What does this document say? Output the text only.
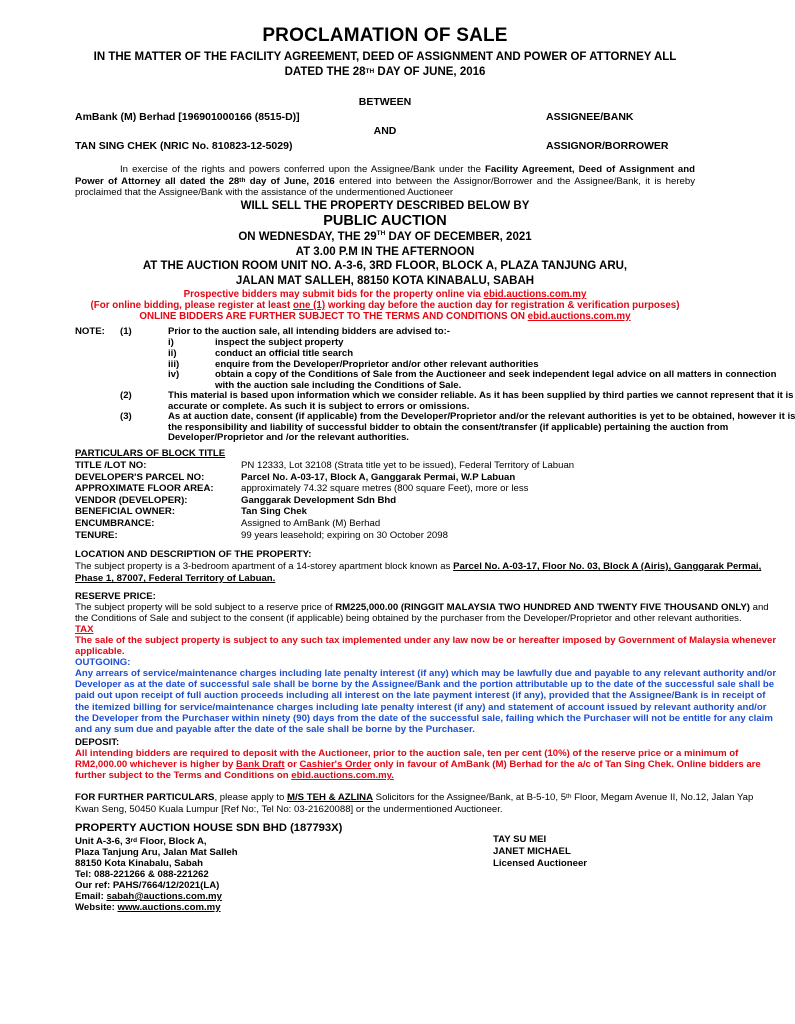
PROCLAMATION OF SALE
IN THE MATTER OF THE FACILITY AGREEMENT, DEED OF ASSIGNMENT AND POWER OF ATTORNEY ALL
DATED THE 28TH DAY OF JUNE, 2016
BETWEEN
AmBank (M) Berhad [196901000166 (8515-D)]	ASSIGNEE/BANK
AND
TAN SING CHEK (NRIC No. 810823-12-5029)	ASSIGNOR/BORROWER
In exercise of the rights and powers conferred upon the Assignee/Bank under the Facility Agreement, Deed of Assignment and Power of Attorney all dated the 28th day of June, 2016 entered into between the Assignor/Borrower and the Assignee/Bank, it is hereby proclaimed that the Assignee/Bank with the assistance of the undermentioned Auctioneer
WILL SELL THE PROPERTY DESCRIBED BELOW BY
PUBLIC AUCTION
ON WEDNESDAY, THE 29TH DAY OF DECEMBER, 2021
AT 3.00 P.M IN THE AFTERNOON
AT THE AUCTION ROOM UNIT NO. A-3-6, 3RD FLOOR, BLOCK A, PLAZA TANJUNG ARU,
JALAN MAT SALLEH, 88150 KOTA KINABALU, SABAH
Prospective bidders may submit bids for the property online via ebid.auctions.com.my
(For online bidding, please register at least one (1) working day before the auction day for registration & verification purposes)
ONLINE BIDDERS ARE FURTHER SUBJECT TO THE TERMS AND CONDITIONS ON ebid.auctions.com.my
NOTE: (1)	Prior to the auction sale, all intending bidders are advised to:-
i)	inspect the subject property
ii)	conduct an official title search
iii)	enquire from the Developer/Proprietor and/or other relevant authorities
iv)	obtain a copy of the Conditions of Sale from the Auctioneer and seek independent legal advice on all matters in connection
with the auction sale including the Conditions of Sale.
(2)	This material is based upon information which we consider reliable. As it has been supplied by third parties we cannot represent that it is
accurate or complete. As such it is subject to errors or omissions.
(3)	As at auction date, consent (if applicable) from the Developer/Proprietor and/or the relevant authorities is yet to be obtained, however it is
the responsibility and liability of successful bidder to obtain the consent/transfer (if applicable) pertaining the auction from
Developer/Proprietor and /or the relevant authorities.
PARTICULARS OF BLOCK TITLE
TITLE /LOT NO:	PN 12333, Lot 32108 (Strata title yet to be issued), Federal Territory of Labuan
DEVELOPER'S PARCEL NO:	Parcel No. A-03-17, Block A, Ganggarak Permai, W.P Labuan
APPROXIMATE FLOOR AREA:	approximately 74.32 square metres (800 square Feet), more or less
VENDOR (DEVELOPER):	Ganggarak Development Sdn Bhd
BENEFICIAL OWNER:	Tan Sing Chek
ENCUMBRANCE:	Assigned to AmBank (M) Berhad
TENURE:	99 years leasehold; expiring on 30 October 2098
LOCATION AND DESCRIPTION OF THE PROPERTY:
The subject property is a 3-bedroom apartment of a 14-storey apartment block known as Parcel No. A-03-17, Floor No. 03, Block A (Airis), Ganggarak Permai,
Phase 1, 87007, Federal Territory of Labuan.
RESERVE PRICE:
The subject property will be sold subject to a reserve price of RM225,000.00 (RINGGIT MALAYSIA TWO HUNDRED AND TWENTY FIVE THOUSAND ONLY) and
the Conditions of Sale and subject to the consent (if applicable) being obtained by the purchaser from the Developer/Proprietor and other relevant authorities.
TAX
The sale of the subject property is subject to any such tax implemented under any law now be or hereafter imposed by Government of Malaysia whenever
applicable.
OUTGOING:
Any arrears of service/maintenance charges including late penalty interest (if any) which may be lawfully due and payable to any relevant authority and/or
Developer as at the date of successful sale shall be borne by the Assignee/Bank and the portion attributable up to the date of the successful sale shall be
paid out upon receipt of full auction proceeds including all interest on the late payment interest (if any), provided that the Assignee/Bank is in receipt of
the itemized billing for service/maintenance charges including late penalty interest (if any) and statement of account issued by relevant authority and/or
the Developer from the Purchaser within ninety (90) days from the date of the successful sale, failing which the Purchaser will not be entitle for any claim
and any sum due and payable after the date of the sale shall be borne by the Purchaser.
DEPOSIT:
All intending bidders are required to deposit with the Auctioneer, prior to the auction sale, ten per cent (10%) of the reserve price or a minimum of
RM2,000.00 whichever is higher by Bank Draft or Cashier's Order only in favour of AmBank (M) Berhad for the a/c of Tan Sing Chek. Online bidders are
further subject to the Terms and Conditions on ebid.auctions.com.my.
FOR FURTHER PARTICULARS, please apply to M/S TEH & AZLINA Solicitors for the Assignee/Bank, at B-5-10, 5th Floor, Megam Avenue II, No.12, Jalan Yap
Kwan Seng, 50450 Kuala Lumpur [Ref No:, Tel No: 03-21620088] or the undermentioned Auctioneer.
PROPERTY AUCTION HOUSE SDN BHD (187793X)
Unit A-3-6, 3rd Floor, Block A,
Plaza Tanjung Aru, Jalan Mat Salleh
88150 Kota Kinabalu, Sabah
Tel: 088-221266 & 088-221262
Our ref: PAHS/7664/12/2021(LA)
Email: sabah@auctions.com.my
Website: www.auctions.com.my
TAY SU MEI
JANET MICHAEL
Licensed Auctioneer
